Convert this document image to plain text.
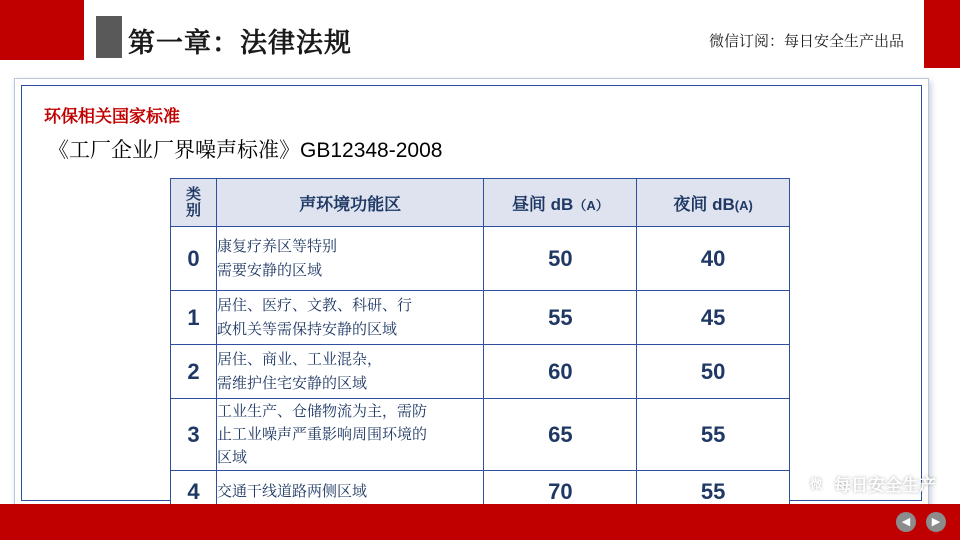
第一章：法律法规	微信订阅：每日安全生产出品
环保相关国家标准
《工厂企业厂界噪声标准》GB12348-2008
类
别	声环境功能区	昼间 dB（A）	夜间 dB(A)
0	康复疗养区等特别
需要安静的区域	50	40
1	居住、医疗、文教、科研、行
政机关等需保持安静的区域	55	45
2	居住、商业、工业混杂，
需维护住宅安静的区域	60	50
3	工业生产、仓储物流为主，需防
止工业噪声严重影响周围环境的
区域	65	55
4	交通干线道路两侧区域	70	55	微 每日安全生产
◀	▶
